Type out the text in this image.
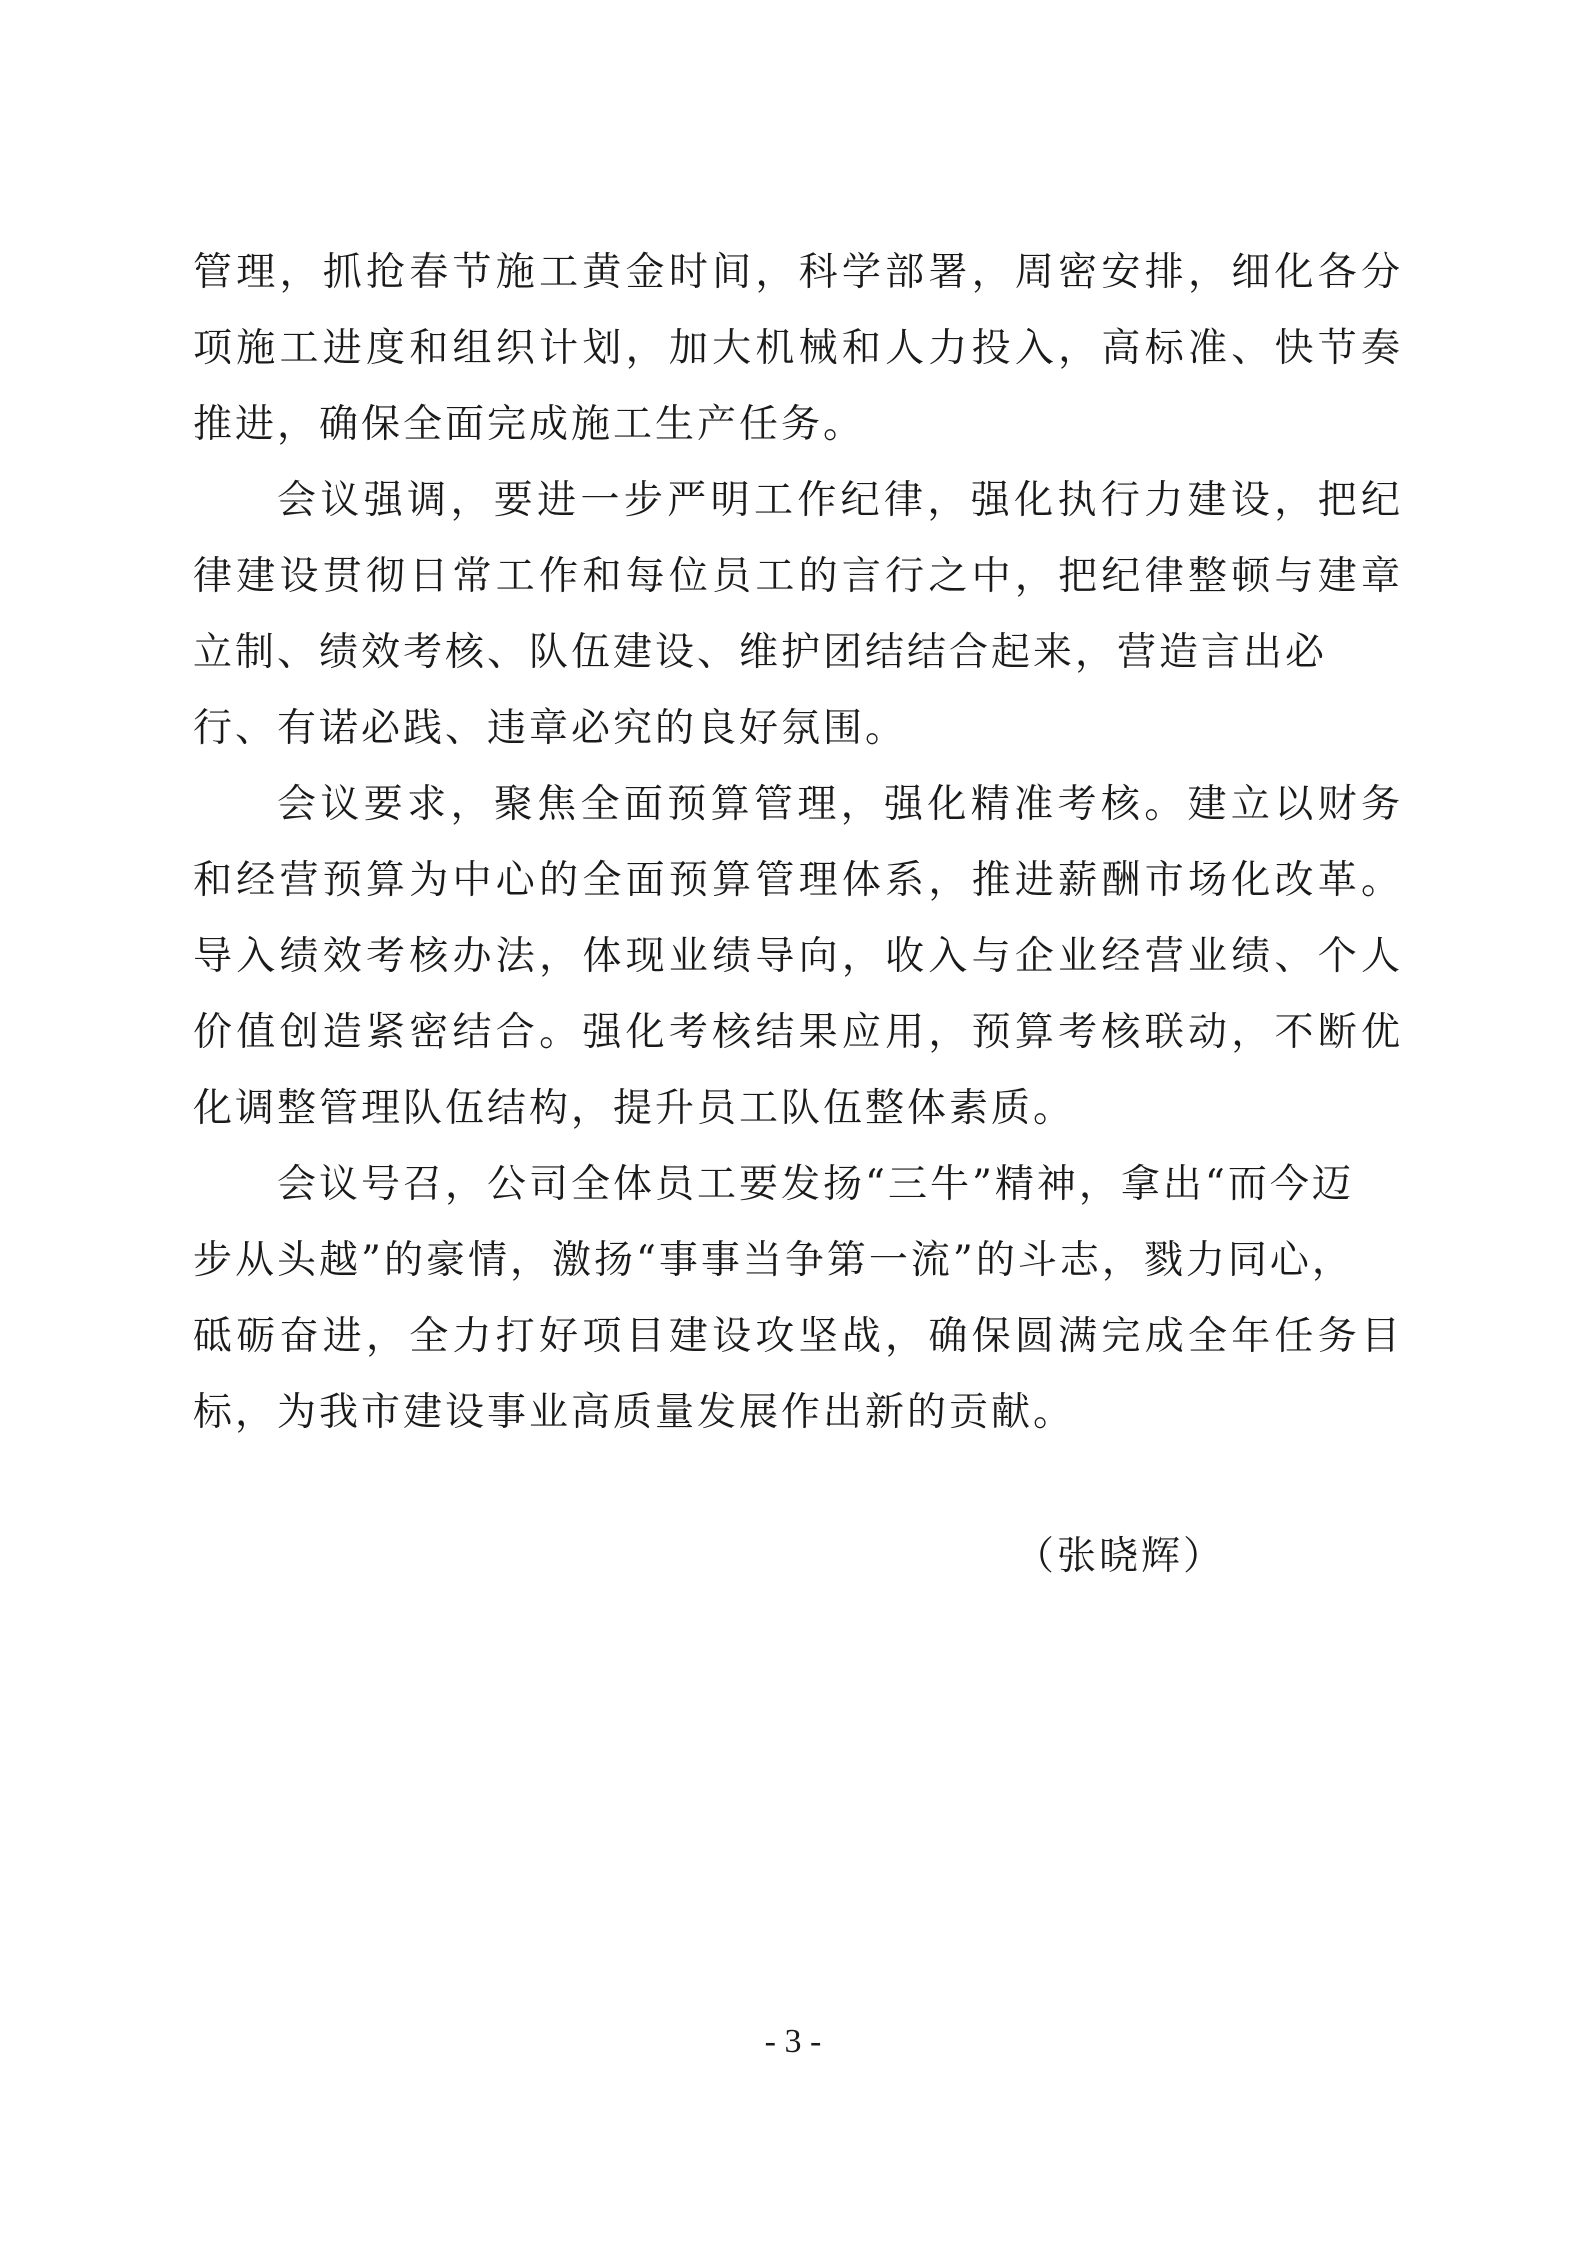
管理，抓抢春节施工黄金时间，科学部署，周密安排，细化各分
项施工进度和组织计划，加大机械和人力投入，高标准、快节奏
推进，确保全面完成施工生产任务。
会议强调，要进一步严明工作纪律，强化执行力建设，把纪
律建设贯彻日常工作和每位员工的言行之中，把纪律整顿与建章
立制、绩效考核、队伍建设、维护团结结合起来，营造言出必
行、有诺必践、违章必究的良好氛围。
会议要求，聚焦全面预算管理，强化精准考核。建立以财务
和经营预算为中心的全面预算管理体系，推进薪酬市场化改革。
导入绩效考核办法，体现业绩导向，收入与企业经营业绩、个人
价值创造紧密结合。强化考核结果应用，预算考核联动，不断优
化调整管理队伍结构，提升员工队伍整体素质。
会议号召，公司全体员工要发扬“三牛”精神，拿出“而今迈
步从头越”的豪情，激扬“事事当争第一流”的斗志，戮力同心，
砥砺奋进，全力打好项目建设攻坚战，确保圆满完成全年任务目
标，为我市建设事业高质量发展作出新的贡献。
（张晓辉）
- 3 -
